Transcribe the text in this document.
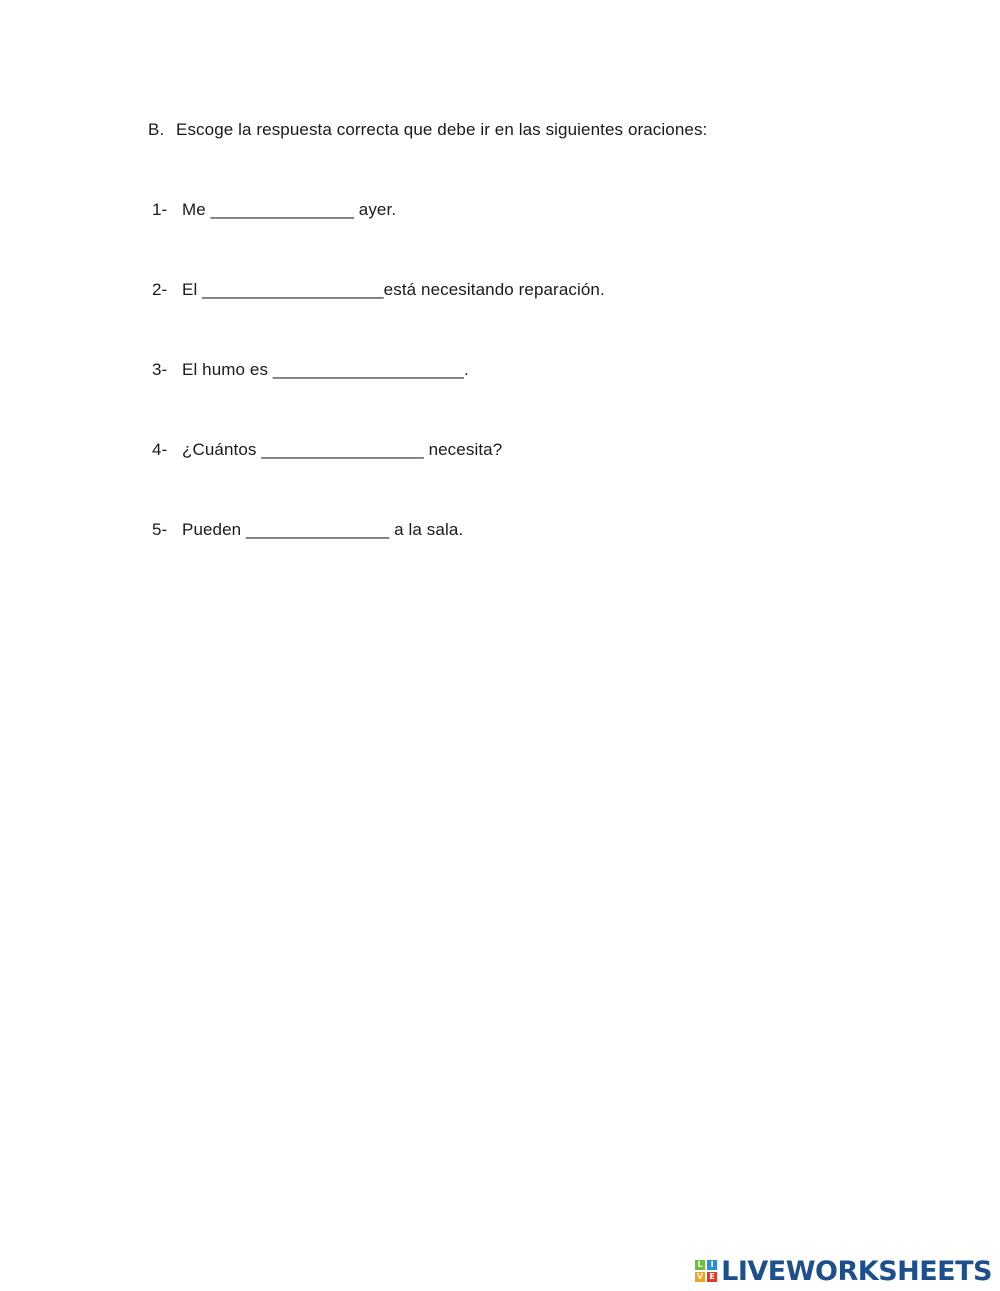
B. Escoge la respuesta correcta que debe ir en las siguientes oraciones:
1- Me _______________ ayer.
2- El ___________________está necesitando reparación.
3- El humo es ____________________.
4- ¿Cuántos _________________ necesita?
5- Pueden _______________ a la sala.
L I
V E LIVEWORKSHEETS
